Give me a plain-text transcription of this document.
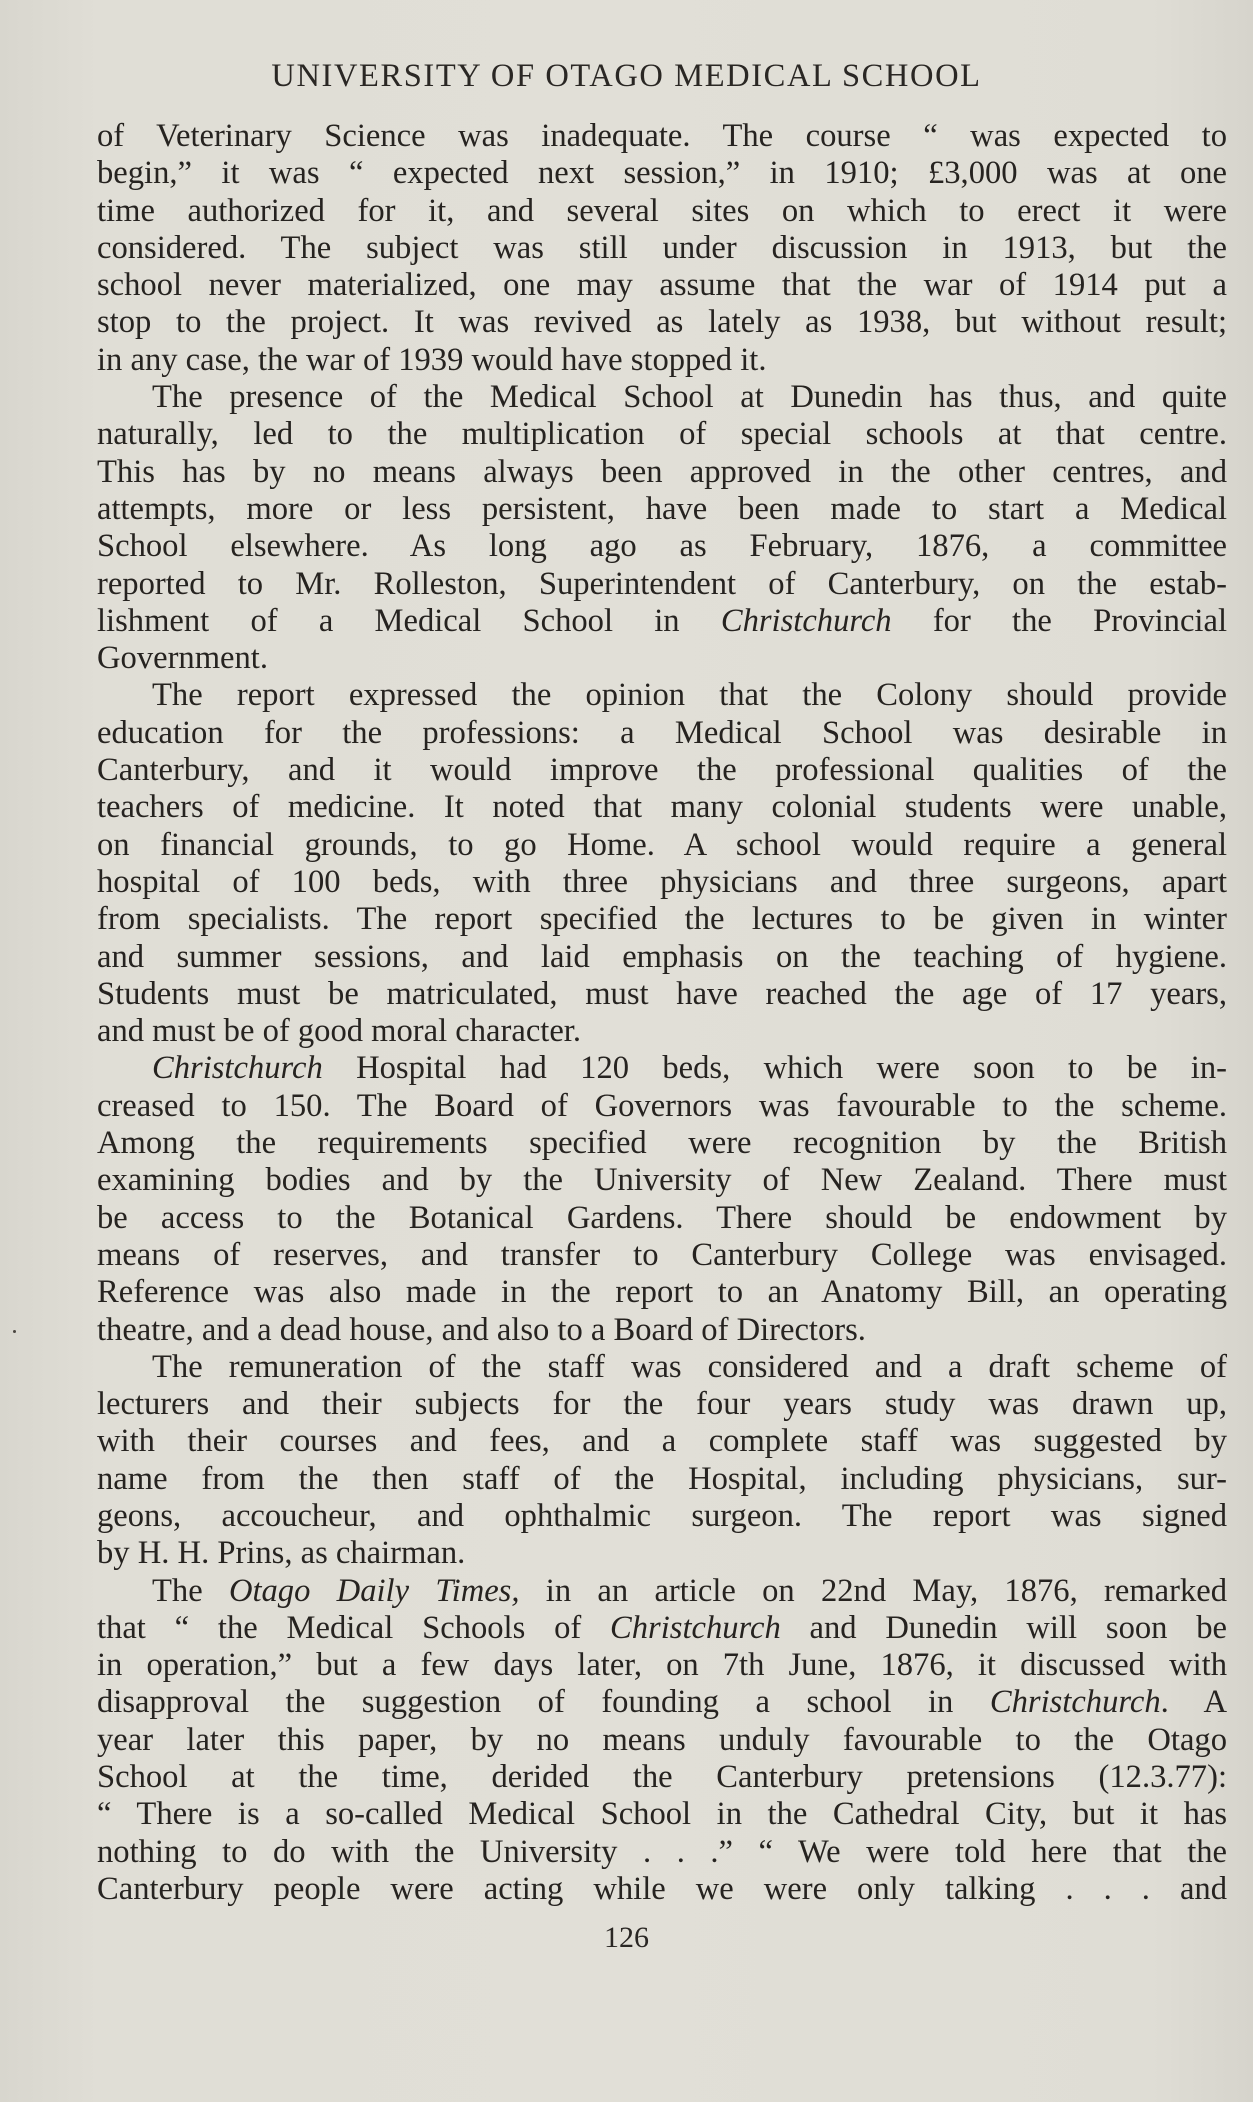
UNIVERSITY OF OTAGO MEDICAL SCHOOL
of Veterinary Science was inadequate. The course “ was expected to
begin,” it was “ expected next session,” in 1910; £3,000 was at one
time authorized for it, and several sites on which to erect it were
considered. The subject was still under discussion in 1913, but the
school never materialized, one may assume that the war of 1914 put a
stop to the project. It was revived as lately as 1938, but without result;
in any case, the war of 1939 would have stopped it.
The presence of the Medical School at Dunedin has thus, and quite
naturally, led to the multiplication of special schools at that centre.
This has by no means always been approved in the other centres, and
attempts, more or less persistent, have been made to start a Medical
School elsewhere. As long ago as February, 1876, a committee
reported to Mr. Rolleston, Superintendent of Canterbury, on the estab-
lishment of a Medical School in Christchurch for the Provincial
Government.
The report expressed the opinion that the Colony should provide
education for the professions: a Medical School was desirable in
Canterbury, and it would improve the professional qualities of the
teachers of medicine. It noted that many colonial students were unable,
on financial grounds, to go Home. A school would require a general
hospital of 100 beds, with three physicians and three surgeons, apart
from specialists. The report specified the lectures to be given in winter
and summer sessions, and laid emphasis on the teaching of hygiene.
Students must be matriculated, must have reached the age of 17 years,
and must be of good moral character.
Christchurch Hospital had 120 beds, which were soon to be in-
creased to 150. The Board of Governors was favourable to the scheme.
Among the requirements specified were recognition by the British
examining bodies and by the University of New Zealand. There must
be access to the Botanical Gardens. There should be endowment by
means of reserves, and transfer to Canterbury College was envisaged.
Reference was also made in the report to an Anatomy Bill, an operating
theatre, and a dead house, and also to a Board of Directors.
The remuneration of the staff was considered and a draft scheme of
lecturers and their subjects for the four years study was drawn up,
with their courses and fees, and a complete staff was suggested by
name from the then staff of the Hospital, including physicians, sur-
geons, accoucheur, and ophthalmic surgeon. The report was signed
by H. H. Prins, as chairman.
The Otago Daily Times, in an article on 22nd May, 1876, remarked
that “ the Medical Schools of Christchurch and Dunedin will soon be
in operation,” but a few days later, on 7th June, 1876, it discussed with
disapproval the suggestion of founding a school in Christchurch. A
year later this paper, by no means unduly favourable to the Otago
School at the time, derided the Canterbury pretensions (12.3.77):
“ There is a so-called Medical School in the Cathedral City, but it has
nothing to do with the University . . .” “ We were told here that the
Canterbury people were acting while we were only talking . . . and
126
